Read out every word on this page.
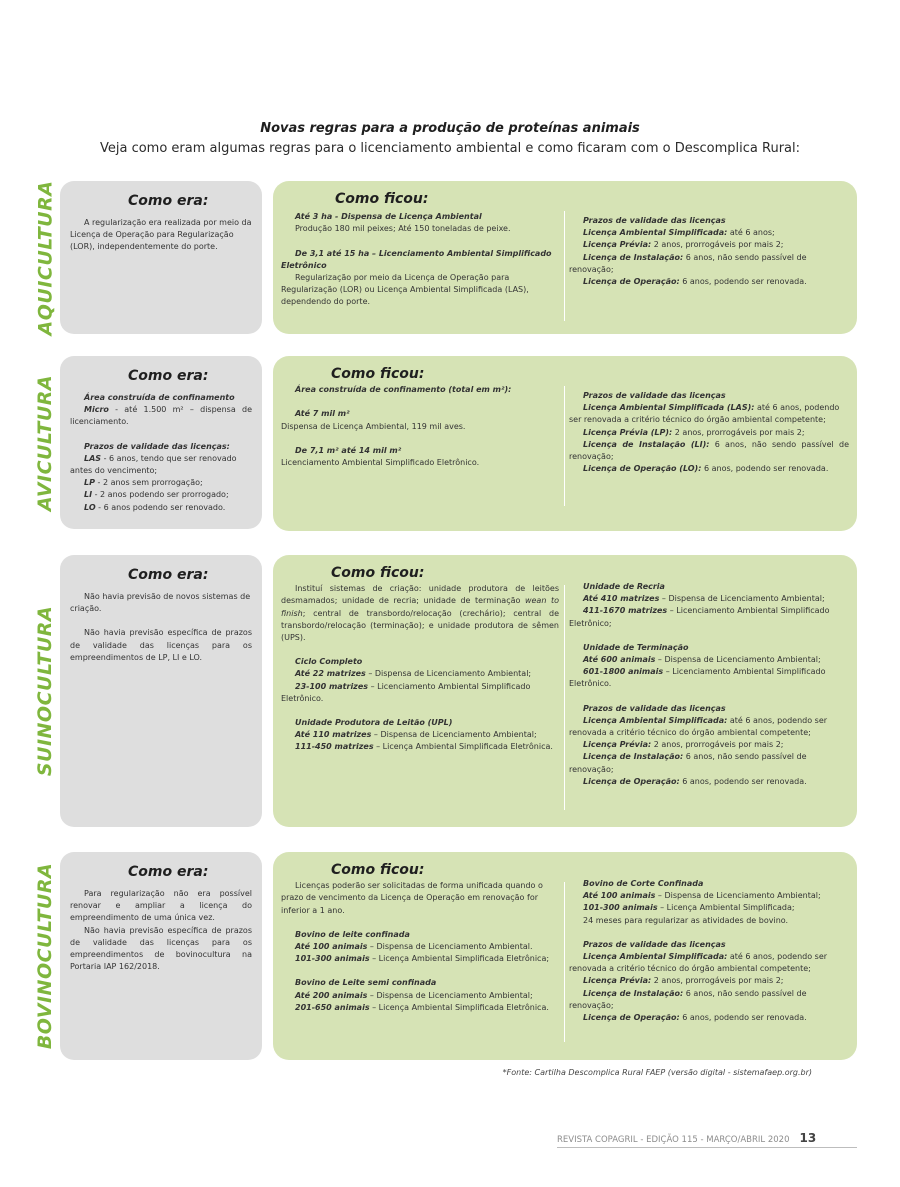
Novas regras para a produção de proteínas animais
Veja como eram algumas regras para o licenciamento ambiental e como ficaram com o Descomplica Rural:
AQUICULTURA	Como era:

A regularização era realizada por meio da Licença de Operação para Regularização (LOR), independentemente do porte.

Como ficou:

Até 3 ha - Dispensa de Licença Ambiental

Produção 180 mil peixes; Até 150 toneladas de peixe.

De 3,1 até 15 ha – Licenciamento Ambiental Simplificado Eletrônico

Regularização por meio da Licença de Operação para Regularização (LOR) ou Licença Ambiental Simplificada (LAS), dependendo do porte.

Prazos de validade das licenças

Licença Ambiental Simplificada: até 6 anos;

Licença Prévia: 2 anos, prorrogáveis por mais 2;

Licença de Instalação: 6 anos, não sendo passível de renovação;

Licença de Operação: 6 anos, podendo ser renovada.

AVICULTURA	Como era:

Área construída de confinamento

Micro - até 1.500 m² – dispensa de licenciamento.

Prazos de validade das licenças:

LAS - 6 anos, tendo que ser renovado antes do vencimento;

LP - 2 anos sem prorrogação;

LI - 2 anos podendo ser prorrogado;

LO - 6 anos podendo ser renovado.

Como ficou:

Área construída de confinamento (total em m²):

Até 7 mil m²

Dispensa de Licença Ambiental, 119 mil aves.

De 7,1 m² até 14 mil m²

Licenciamento Ambiental Simplificado Eletrônico.

Prazos de validade das licenças

Licença Ambiental Simplificada (LAS): até 6 anos, podendo ser renovada a critério técnico do órgão ambiental competente;

Licença Prévia (LP): 2 anos, prorrogáveis por mais 2;

Licença de Instalação (LI): 6 anos, não sendo passível de renovação;

Licença de Operação (LO): 6 anos, podendo ser renovada.

SUINOCULTURA
Como era:

Não havia previsão de novos sistemas de criação.

Não havia previsão específica de prazos de validade das licenças para os empreendimentos de LP, LI e LO.

Como ficou:

Instituí sistemas de criação: unidade produtora de leitões desmamados; unidade de recria; unidade de terminação wean to finish; central de transbordo/relocação (crechário); central de transbordo/relocação (terminação); e unidade produtora de sêmen (UPS).

Ciclo Completo

Até 22 matrizes – Dispensa de Licenciamento Ambiental;

23-100 matrizes – Licenciamento Ambiental Simplificado Eletrônico.

Unidade Produtora de Leitão (UPL)

Até 110 matrizes – Dispensa de Licenciamento Ambiental;

111-450 matrizes – Licença Ambiental Simplificada Eletrônica.

Unidade de Recria

Até 410 matrizes – Dispensa de Licenciamento Ambiental;

411-1670 matrizes – Licenciamento Ambiental Simplificado Eletrônico;

Unidade de Terminação

Até 600 animais – Dispensa de Licenciamento Ambiental;

601-1800 animais – Licenciamento Ambiental Simplificado Eletrônico.

Prazos de validade das licenças

Licença Ambiental Simplificada: até 6 anos, podendo ser renovada a critério técnico do órgão ambiental competente;

Licença Prévia: 2 anos, prorrogáveis por mais 2;

Licença de Instalação: 6 anos, não sendo passível de renovação;

Licença de Operação: 6 anos, podendo ser renovada.

BOVINOCULTURA	Como era:

Para regularização não era possível renovar e ampliar a licença do empreendimento de uma única vez.

Não havia previsão específica de prazos de validade das licenças para os empreendimentos de bovinocultura na Portaria IAP 162/2018.

Como ficou:

Licenças poderão ser solicitadas de forma unificada quando o prazo de vencimento da Licença de Operação em renovação for inferior a 1 ano.

Bovino de leite confinada

Até 100 animais – Dispensa de Licenciamento Ambiental.

101-300 animais – Licença Ambiental Simplificada Eletrônica;

Bovino de Leite semi confinada

Até 200 animais – Dispensa de Licenciamento Ambiental;

201-650 animais – Licença Ambiental Simplificada Eletrônica.

Bovino de Corte Confinada

Até 100 animais – Dispensa de Licenciamento Ambiental;

101-300 animais – Licença Ambiental Simplificada;

24 meses para regularizar as atividades de bovino.

Prazos de validade das licenças

Licença Ambiental Simplificada: até 6 anos, podendo ser renovada a critério técnico do órgão ambiental competente;

Licença Prévia: 2 anos, prorrogáveis por mais 2;

Licença de Instalação: 6 anos, não sendo passível de renovação;

Licença de Operação: 6 anos, podendo ser renovada.

*Fonte: Cartilha Descomplica Rural FAEP (versão digital - sistemafaep.org.br)
REVISTA COPAGRIL - EDIÇÃO 115 - MARÇO/ABRIL 2020 13
